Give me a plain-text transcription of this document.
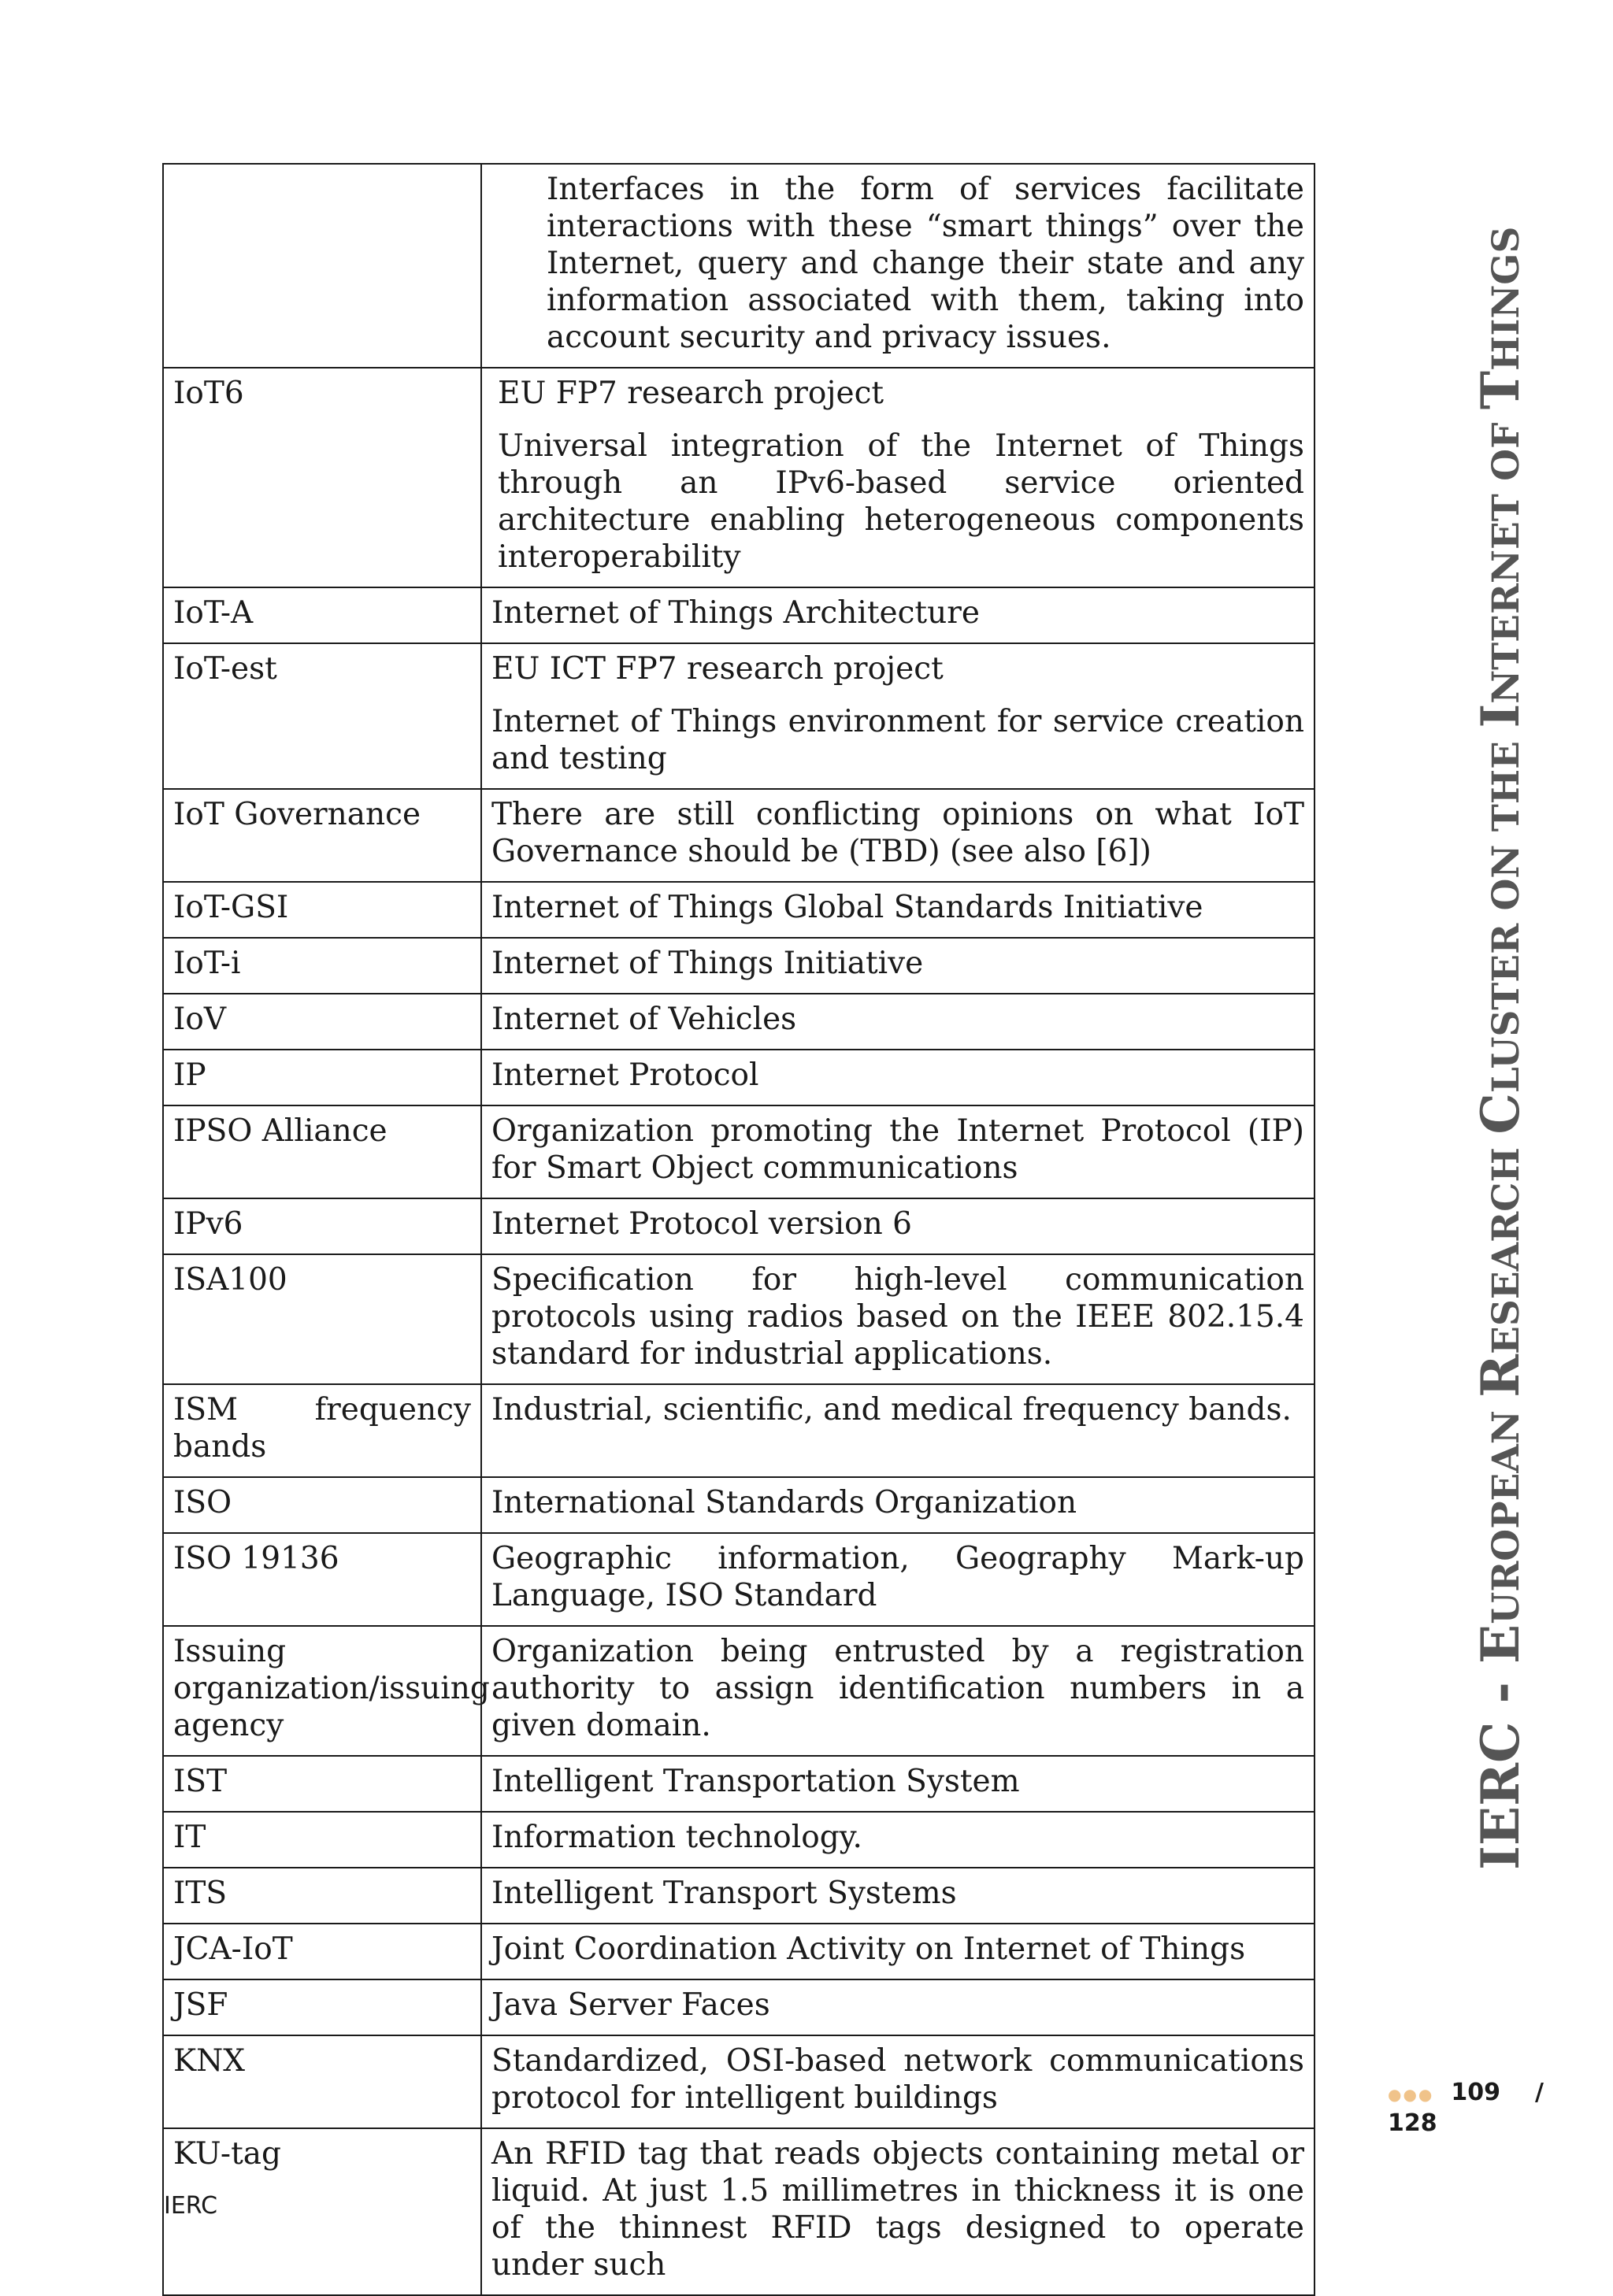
	Interfaces in the form of services facilitate interactions with these “smart things” over the Internet, query and change their state and any information associated with them, taking into account security and privacy issues.

IoT6	EU FP7 research project
Universal integration of the Internet of Things through an IPv6-based service oriented architecture enabling heterogeneous components interoperability

IoT-A	Internet of Things Architecture

IoT-est	EU ICT FP7 research project
Internet of Things environment for service creation and testing

IoT Governance	There are still conflicting opinions on what IoT Governance should be (TBD) (see also [6])

IoT-GSI	Internet of Things Global Standards Initiative

IoT-i	Internet of Things Initiative

IoV	Internet of Vehicles

IP	Internet Protocol

IPSO Alliance	Organization promoting the Internet Protocol (IP) for Smart Object communications

IPv6	Internet Protocol version 6

ISA100	Specification for high-level communication protocols using radios based on the IEEE 802.15.4 standard for industrial applications.

ISM frequency bands	Industrial, scientific, and medical frequency bands.

ISO	International Standards Organization

ISO 19136	Geographic information, Geography Mark-up Language, ISO Standard

Issuing organization/issuing agency	Organization being entrusted by a registration authority to assign identification numbers in a given domain.

IST	Intelligent Transportation System

IT	Information technology.

ITS	Intelligent Transport Systems

JCA-IoT	Joint Coordination Activity on Internet of Things

JSF	Java Server Faces

KNX	Standardized, OSI-based network communications protocol for intelligent buildings

KU-tag	An RFID tag that reads objects containing metal or liquid. At just 1.5 millimetres in thickness it is one of the thinnest RFID tags designed to operate under such
IERC - EUROPEAN RESEARCH CLUSTER ON THE INTERNET OF THINGS
●●● 109 /
128
IERC
